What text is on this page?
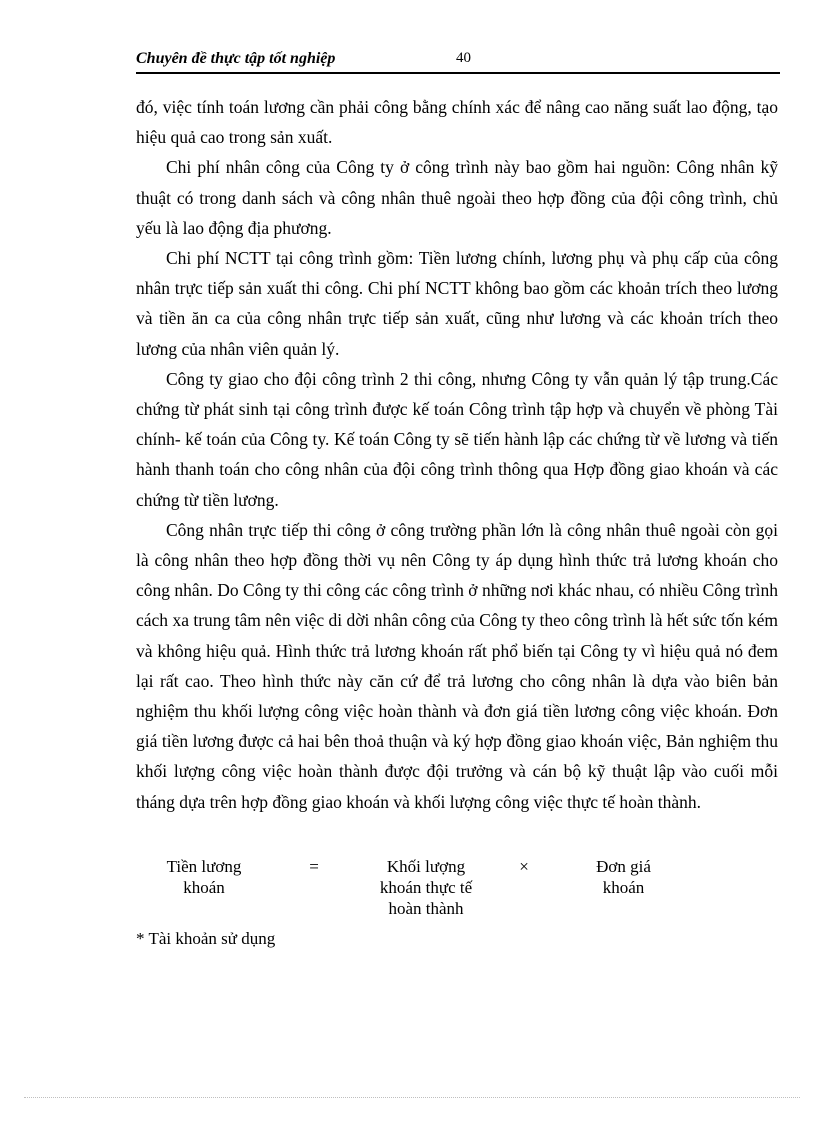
Chuyên đề thực tập tốt nghiệp	40

đó, việc tính toán lương cần phải công bằng chính xác để nâng cao năng suất lao động, tạo hiệu quả cao trong sản xuất.

Chi phí nhân công của Công ty ở công trình này bao gồm hai nguồn: Công nhân kỹ thuật có trong danh sách và công nhân thuê ngoài theo hợp đồng của đội công trình, chủ yếu là lao động địa phương.

Chi phí NCTT tại công trình gồm: Tiền lương chính, lương phụ và phụ cấp của công nhân trực tiếp sản xuất thi công. Chi phí NCTT không bao gồm các khoản trích theo lương và tiền ăn ca của công nhân trực tiếp sản xuất, cũng như lương và các khoản trích theo lương của nhân viên quản lý.

Công ty giao cho đội công trình 2 thi công, nhưng Công ty vẫn quản lý tập trung.Các chứng từ phát sinh tại công trình được kế toán Công trình tập hợp và chuyển về phòng Tài chính- kế toán của Công ty. Kế toán Công ty sẽ tiến hành lập các chứng từ về lương và tiến hành thanh toán cho công nhân của đội công trình thông qua Hợp đồng giao khoán và các chứng từ tiền lương.

Công nhân trực tiếp thi công ở công trường phần lớn là công nhân thuê ngoài còn gọi là công nhân theo hợp đồng thời vụ nên Công ty áp dụng hình thức trả lương khoán cho công nhân. Do Công ty thi công các công trình ở những nơi khác nhau, có nhiều Công trình cách xa trung tâm nên việc di dời nhân công của Công ty theo công trình là hết sức tốn kém và không hiệu quả. Hình thức trả lương khoán rất phổ biến tại Công ty vì hiệu quả nó đem lại rất cao. Theo hình thức này căn cứ để trả lương cho công nhân là dựa vào biên bản nghiệm thu khối lượng công việc hoàn thành và đơn giá tiền lương công việc khoán. Đơn giá tiền lương được cả hai bên thoả thuận và ký hợp đồng giao khoán việc, Bản nghiệm thu khối lượng công việc hoàn thành được đội trưởng và cán bộ kỹ thuật lập vào cuối mỗi tháng dựa trên hợp đồng giao khoán và khối lượng công việc thực tế hoàn thành.

Tiền lương
khoán
=	Khối lượng
khoán thực tế
hoàn thành
×	Đơn giá
khoán
* Tài khoản sử dụng
